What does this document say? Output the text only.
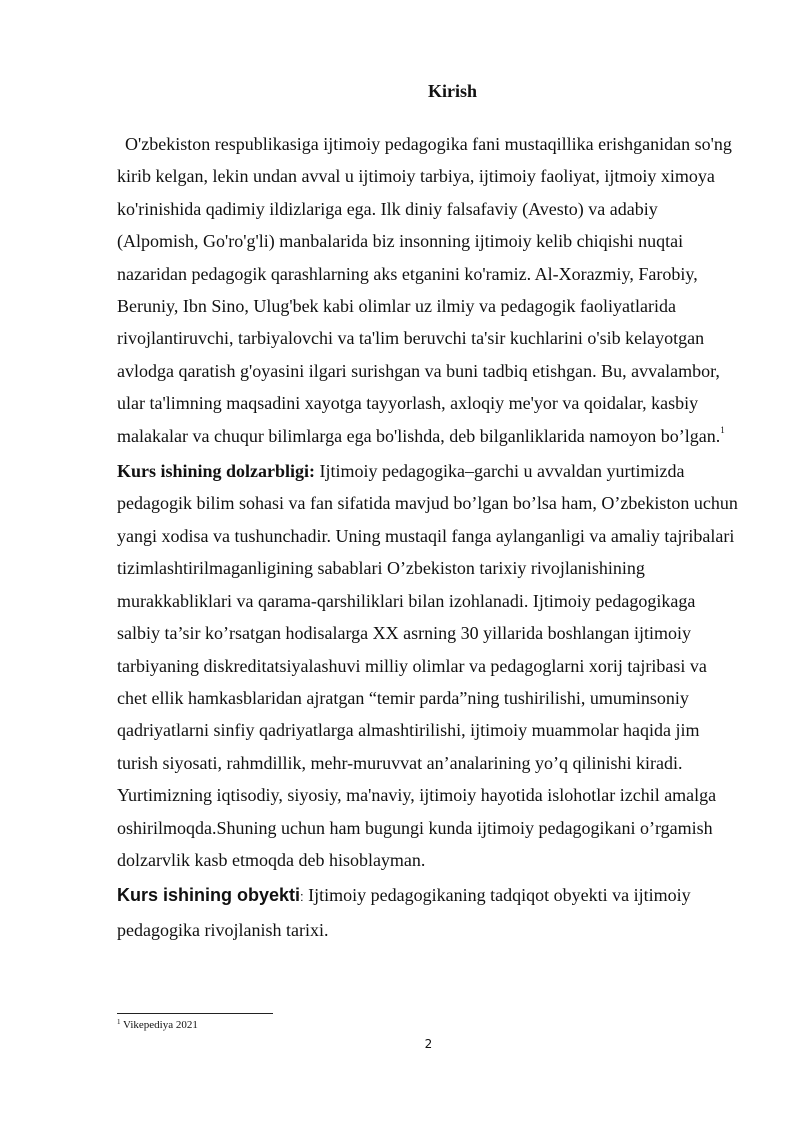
Kirish

O'zbekiston respublikasiga ijtimoiy pedagogika fani mustaqillika erishganidan so'ng kirib kelgan, lekin undan avval u ijtimoiy tarbiya, ijtimoiy faoliyat, ijtmoiy ximoya ko'rinishida qadimiy ildizlariga ega. Ilk diniy falsafaviy (Avesto) va adabiy (Alpomish, Go'ro'g'li) manbalarida biz insonning ijtimoiy kelib chiqishi nuqtai nazaridan pedagogik qarashlarning aks etganini ko'ramiz. Al-Xorazmiy, Farobiy, Beruniy, Ibn Sino, Ulug'bek kabi olimlar uz ilmiy va pedagogik faoliyatlarida rivojlantiruvchi, tarbiyalovchi va ta'lim beruvchi ta'sir kuchlarini o'sib kelayotgan avlodga qaratish g'oyasini ilgari surishgan va buni tadbiq etishgan. Bu, avvalambor, ular ta'limning maqsadini xayotga tayyorlash, axloqiy me'yor va qoidalar, kasbiy malakalar va chuqur bilimlarga ega bo'lishda, deb bilganliklarida namoyon bo’lgan.$^1$

Kurs ishining dolzarbligi: Ijtimoiy pedagogika–garchi u avvaldan yurtimizda pedagogik bilim sohasi va fan sifatida mavjud bo’lgan bo’lsa ham, O’zbekiston uchun yangi xodisa va tushunchadir. Uning mustaqil fanga aylanganligi va amaliy tajribalari tizimlashtirilmaganligining sabablari O’zbekiston tarixiy rivojlanishining murakkabliklari va qarama-qarshiliklari bilan izohlanadi. Ijtimoiy pedagogikaga salbiy ta’sir ko’rsatgan hodisalarga XX asrning 30 yillarida boshlangan ijtimoiy tarbiyaning diskreditatsiyalashuvi milliy olimlar va pedagoglarni xorij tajribasi va chet ellik hamkasblaridan ajratgan “temir parda”ning tushirilishi, umuminsoniy qadriyatlarni sinfiy qadriyatlarga almashtirilishi, ijtimoiy muammolar haqida jim turish siyosati, rahmdillik, mehr-muruvvat an’analarining yo’q qilinishi kiradi.

Yurtimizning iqtisodiy, siyosiy, ma'naviy, ijtimoiy hayotida islohotlar izchil amalga oshirilmoqda.Shuning uchun ham bugungi kunda ijtimoiy pedagogikani o’rgamish dolzarvlik kasb etmoqda deb hisoblayman.

Kurs ishining obyekti: Ijtimoiy pedagogikaning tadqiqot obyekti va ijtimoiy pedagogika rivojlanish tarixi.

$^1$ Vikepediya 2021
2
